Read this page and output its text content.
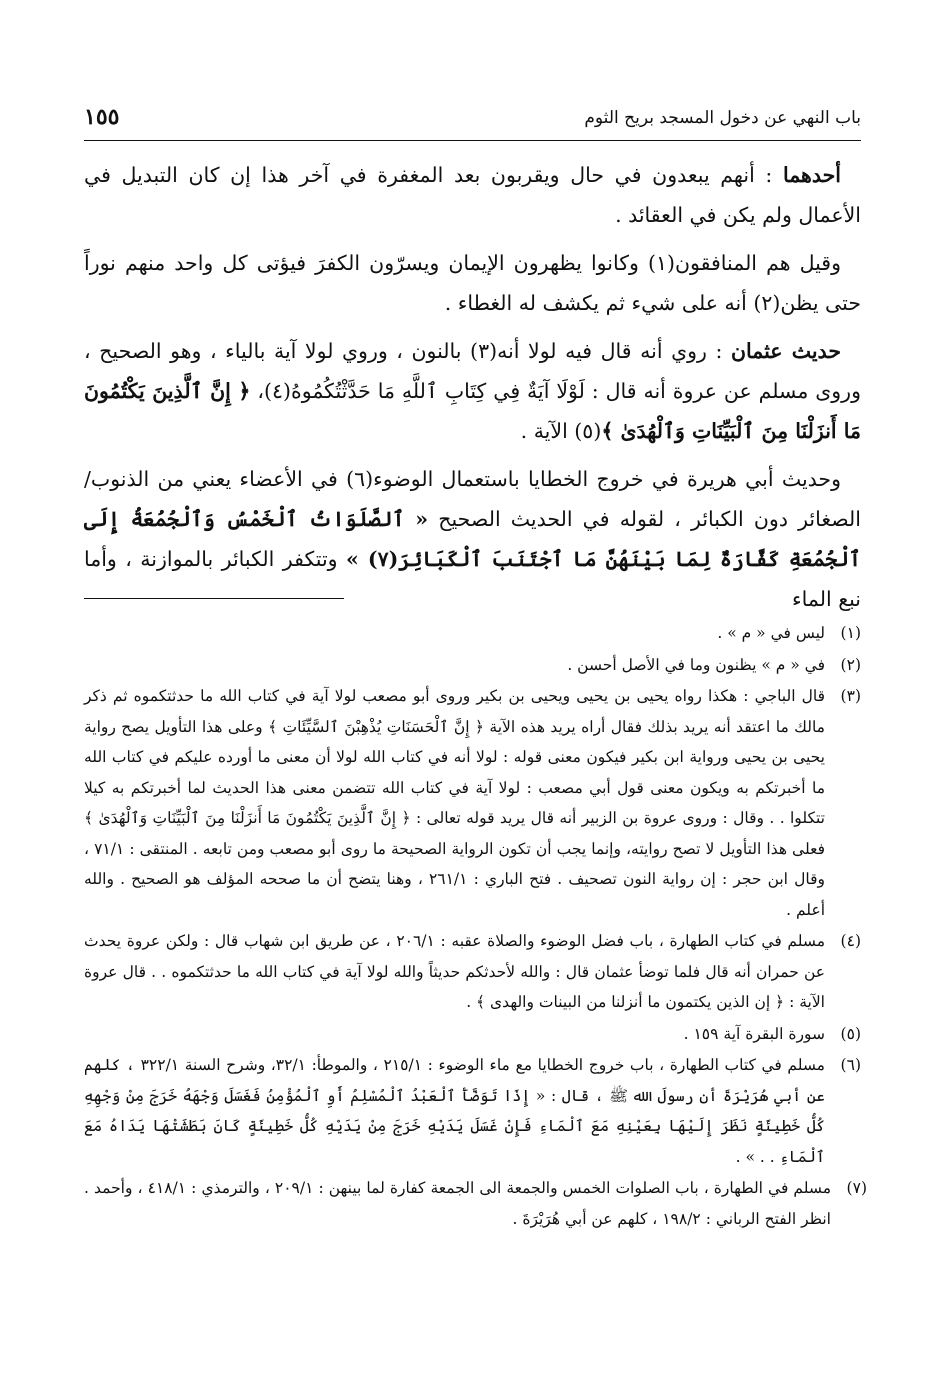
باب النهي عن دخول المسجد بريح الثوم
١٥٥

أحدهما : أنهم يبعدون في حال ويقربون بعد المغفرة في آخر هذا إن كان التبديل في الأعمال ولم يكن في العقائد .

وقيل هم المنافقون(١) وكانوا يظهرون الإيمان ويسرّون الكفرَ فيؤتى كل واحد منهم نوراً حتى يظن(٢) أنه على شيء ثم يكشف له الغطاء .

حديث عثمان : روي أنه قال فيه لولا أنه(٣) بالنون ، وروي لولا آية بالياء ، وهو الصحيح ، وروى مسلم عن عروة أنه قال : لَوْلَا آيَةٌ فِي كِتَابِ ٱللَّهِ مَا حَدَّثْتُكُمُوهُ(٤)، ﴿ إِنَّ ٱلَّذِينَ يَكْتُمُونَ مَا أَنزَلْنَا مِنَ ٱلْبَيِّنَاتِ وَٱلْهُدَىٰ ﴾(٥) الآية .

وحديث أبي هريرة في خروج الخطايا باستعمال الوضوء(٦) في الأعضاء يعني من الذنوب/ الصغائر دون الكبائر ، لقوله في الحديث الصحيح « ٱلصَّلَوَاتُ ٱلْخَمْسُ وَٱلْجُمُعَةُ إِلَى ٱلْجُمُعَةِ كَفَّارَةٌ لِمَا بَيْنَهُنَّ مَا ٱجْتَنَبَ ٱلْكَبَائِرَ(٧) » وتتكفر الكبائر بالموازنة ، وأما نبع الماء

(١)
ليس في « م » .
(٢)
في « م » يظنون وما في الأصل أحسن .
(٣)
قال الباجي : هكذا رواه يحيى بن يحيى ويحيى بن بكير وروى أبو مصعب لولا آية في كتاب الله ما حدثتكموه ثم ذكر مالك ما اعتقد أنه يريد بذلك فقال أراه يريد هذه الآية ﴿ إِنَّ ٱلْحَسَنَاتِ يُذْهِبْنَ ٱلسَّيِّئَاتِ ﴾ وعلى هذا التأويل يصح رواية يحيى بن يحيى ورواية ابن بكير فيكون معنى قوله : لولا أنه في كتاب الله لولا أن معنى ما أورده عليكم في كتاب الله ما أخبرتكم به ويكون معنى قول أبي مصعب : لولا آية في كتاب الله تتضمن معنى هذا الحديث لما أخبرتكم به كيلا تتكلوا . . وقال : وروى عروة بن الزبير أنه قال يريد قوله تعالى : ﴿ إِنَّ ٱلَّذِينَ يَكْتُمُونَ مَا أَنزَلْنَا مِنَ ٱلْبَيِّنَاتِ وَٱلْهُدَىٰ ﴾ فعلى هذا التأويل لا تصح روايته، وإنما يجب أن تكون الرواية الصحيحة ما روى أبو مصعب ومن تابعه . المنتقى : ٧١/١ ، وقال ابن حجر : إن رواية النون تصحيف . فتح الباري : ٢٦١/١ ، وهنا يتضح أن ما صححه المؤلف هو الصحيح . والله أعلم .
(٤)
مسلم في كتاب الطهارة ، باب فضل الوضوء والصلاة عقبه : ٢٠٦/١ ، عن طريق ابن شهاب قال : ولكن عروة يحدث عن حمران أنه قال فلما توضأ عثمان قال : والله لأحدثكم حديثاً والله لولا آية في كتاب الله ما حدثتكموه . . قال عروة الآية : ﴿ إن الذين يكتمون ما أنزلنا من البينات والهدى ﴾ .
(٥)
سورة البقرة آية ١٥٩ .
(٦)
مسلم في كتاب الطهارة ، باب خروج الخطايا مع ماء الوضوء : ٢١٥/١ ، والموطأ: ٣٢/١، وشرح السنة ٣٢٢/١ ، كلهم عن أبي هُرَيْرَةَ أن رسولَ الله ﷺ ، قال : « إِذَا تَوَضَّأَ ٱلْعَبْدُ ٱلْمُسْلِمُ أَوِ ٱلْمُؤْمِنُ فَغَسَلَ وَجْهَهُ خَرَجَ مِنْ وَجْهِهِ كُلُّ خَطِيئَةٍ نَظَرَ إِلَيْهَا بِعَيْنِهِ مَعَ ٱلْمَاءِ فَإِنْ غَسَلَ يَدَيْهِ خَرَجَ مِنْ يَدَيْهِ كُلُّ خَطِيئَةٍ كَانَ بَطَشَتْهَا يَدَاهُ مَعَ ٱلْمَاءِ . . » .
(٧)
مسلم في الطهارة ، باب الصلوات الخمس والجمعة الى الجمعة كفارة لما بينهن : ٢٠٩/١ ، والترمذي : ٤١٨/١ ، وأحمد . انظر الفتح الرباني : ١٩٨/٢ ، كلهم عن أبي هُرَيْرَةَ .
